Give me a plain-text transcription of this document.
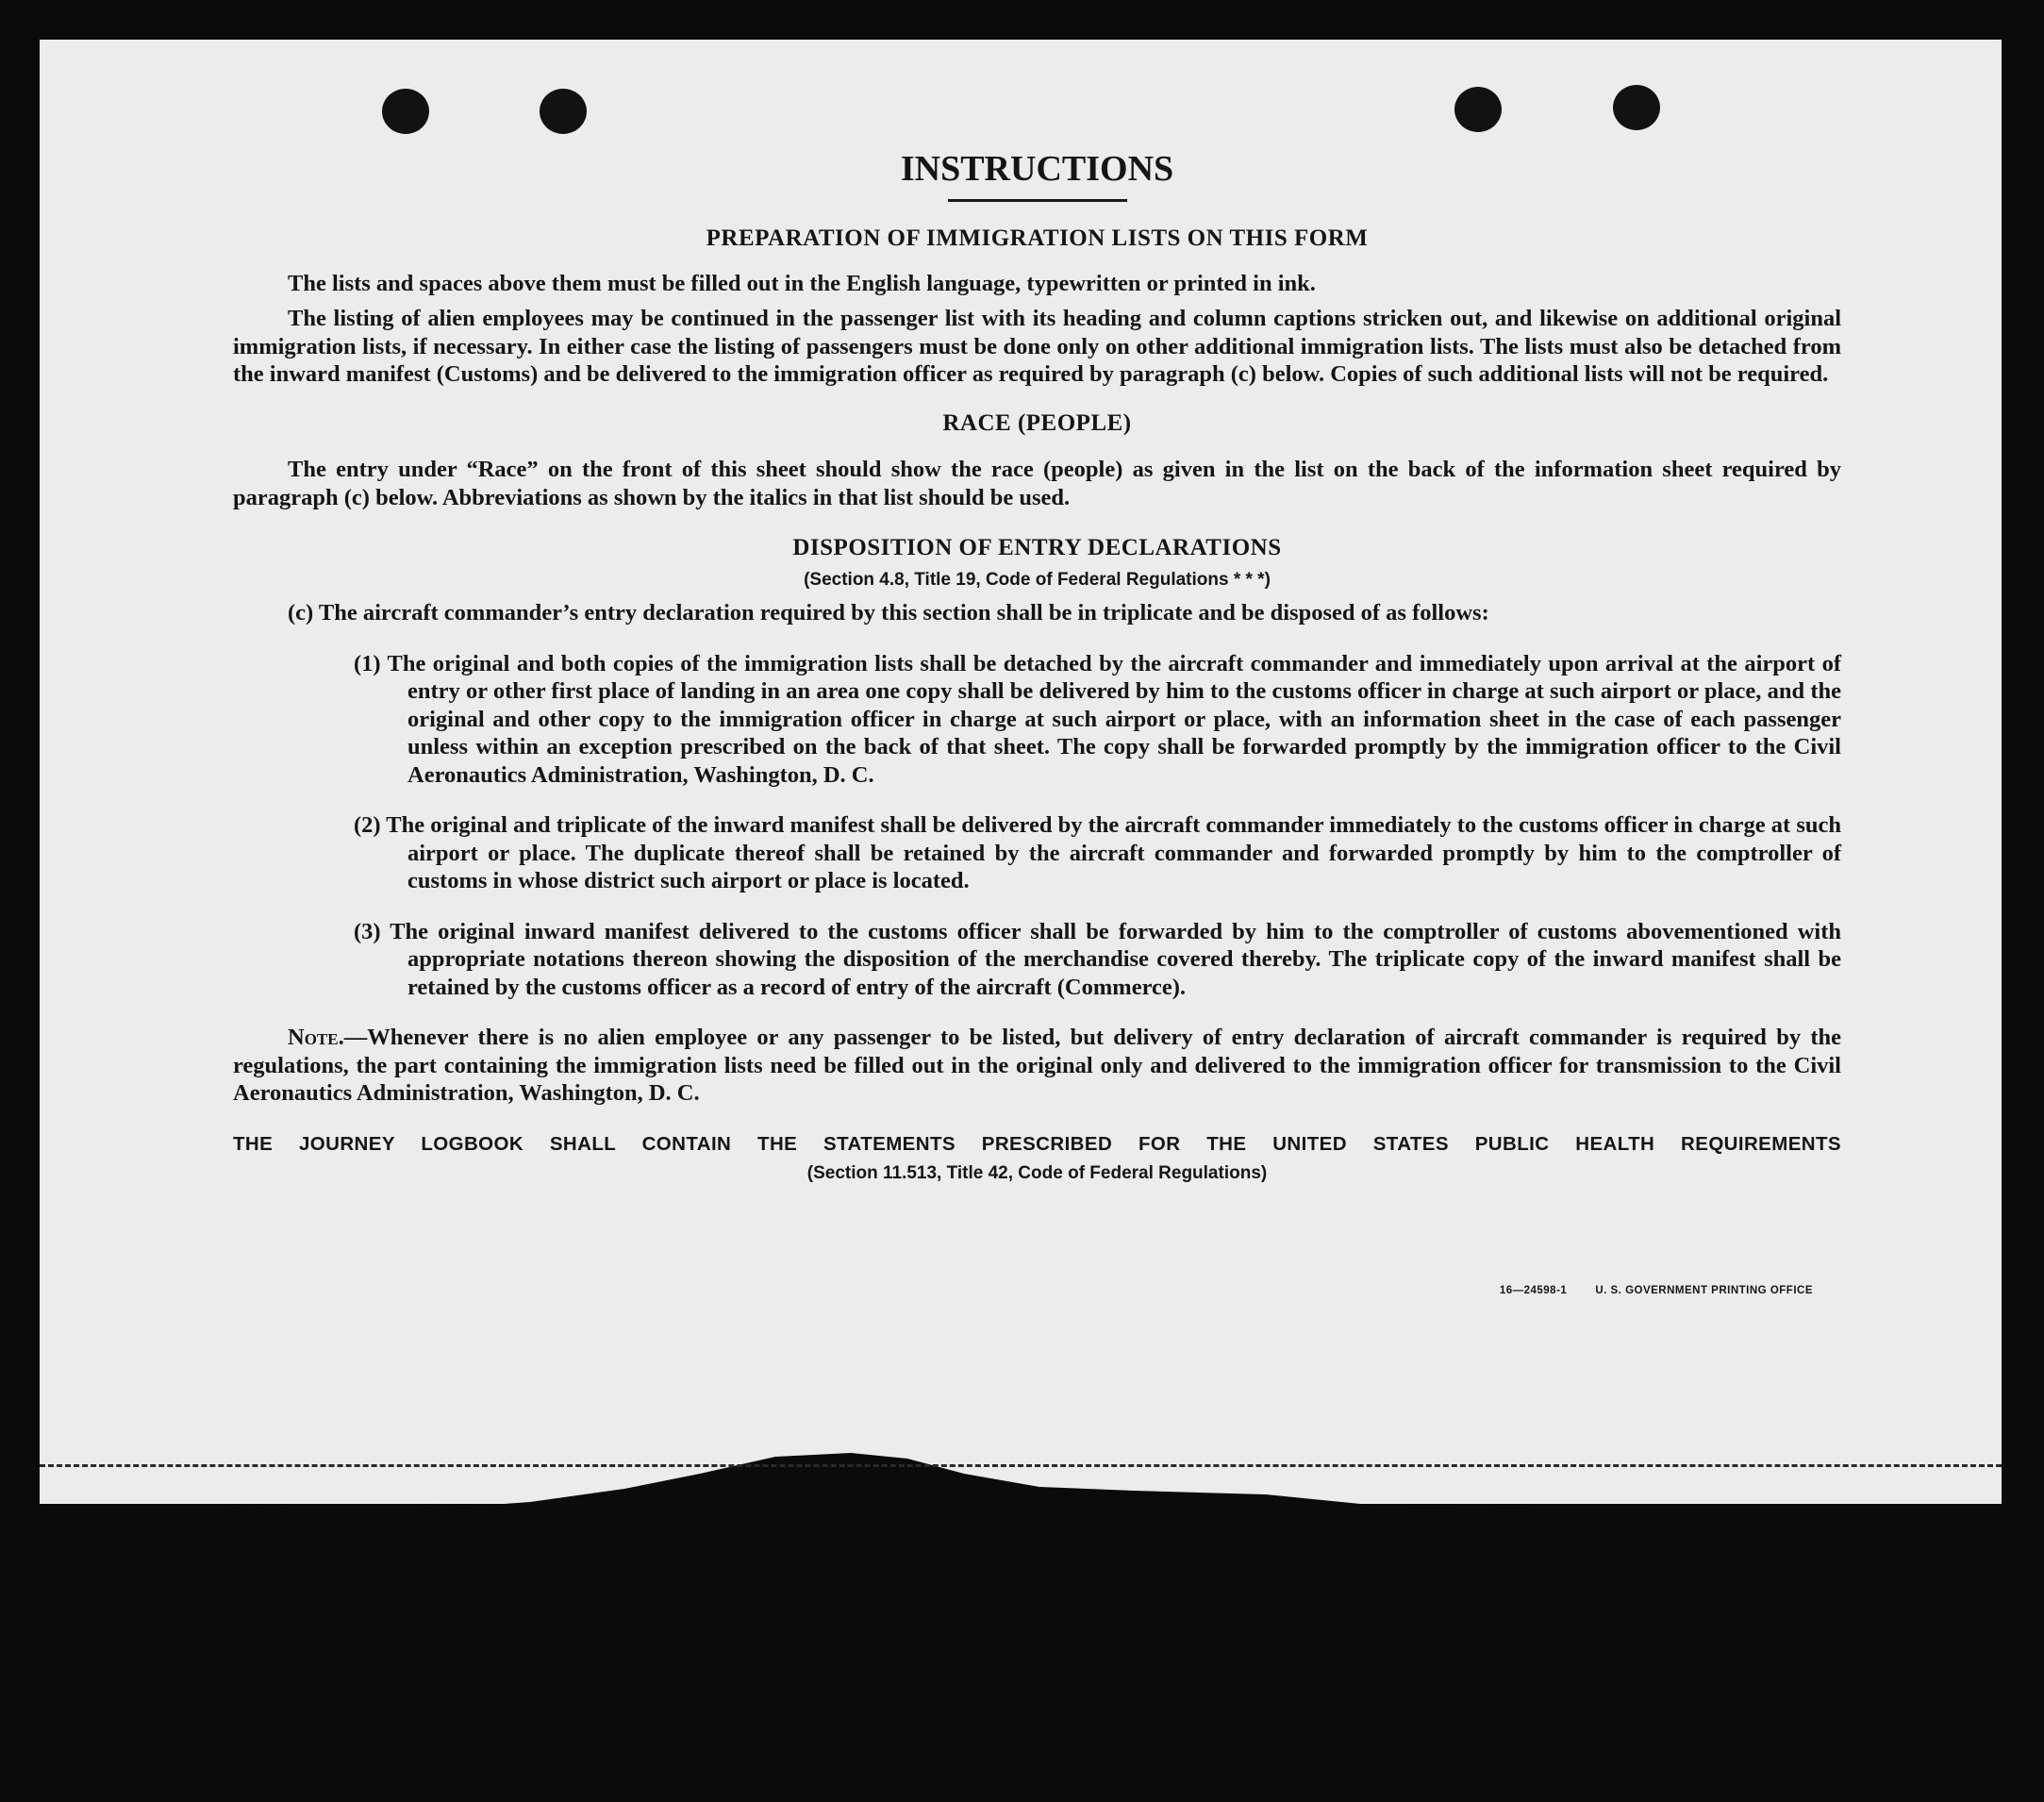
INSTRUCTIONS
PREPARATION OF IMMIGRATION LISTS ON THIS FORM

The lists and spaces above them must be filled out in the English language, typewritten or printed in ink.

The listing of alien employees may be continued in the passenger list with its heading and column captions stricken out, and likewise on additional original immigration lists, if necessary. In either case the listing of passengers must be done only on other additional immigration lists. The lists must also be detached from the inward manifest (Customs) and be delivered to the immigration officer as required by paragraph (c) below. Copies of such additional lists will not be required.

RACE (PEOPLE)

The entry under “Race” on the front of this sheet should show the race (people) as given in the list on the back of the information sheet required by paragraph (c) below. Abbreviations as shown by the italics in that list should be used.

DISPOSITION OF ENTRY DECLARATIONS
(Section 4.8, Title 19, Code of Federal Regulations * * *)

(c) The aircraft commander’s entry declaration required by this section shall be in triplicate and be disposed of as follows:

(1) The original and both copies of the immigration lists shall be detached by the aircraft commander and immediately upon arrival at the airport of entry or other first place of landing in an area one copy shall be delivered by him to the customs officer in charge at such airport or place, and the original and other copy to the immigration officer in charge at such airport or place, with an information sheet in the case of each passenger unless within an exception prescribed on the back of that sheet. The copy shall be forwarded promptly by the immigration officer to the Civil Aeronautics Administration, Washington, D. C.

(2) The original and triplicate of the inward manifest shall be delivered by the aircraft commander immediately to the customs officer in charge at such airport or place. The duplicate thereof shall be retained by the aircraft commander and forwarded promptly by him to the comptroller of customs in whose district such airport or place is located.

(3) The original inward manifest delivered to the customs officer shall be forwarded by him to the comptroller of customs abovementioned with appropriate notations thereon showing the disposition of the merchandise covered thereby. The triplicate copy of the inward manifest shall be retained by the customs officer as a record of entry of the aircraft (Commerce).

Note.—Whenever there is no alien employee or any passenger to be listed, but delivery of entry declaration of aircraft commander is required by the regulations, the part containing the immigration lists need be filled out in the original only and delivered to the immigration officer for transmission to the Civil Aeronautics Administration, Washington, D. C.

THE JOURNEY LOGBOOK SHALL CONTAIN THE STATEMENTS PRESCRIBED FOR THE UNITED STATES PUBLIC HEALTH REQUIREMENTS
(Section 11.513, Title 42, Code of Federal Regulations)
16—24598-1	U. S. GOVERNMENT PRINTING OFFICE
